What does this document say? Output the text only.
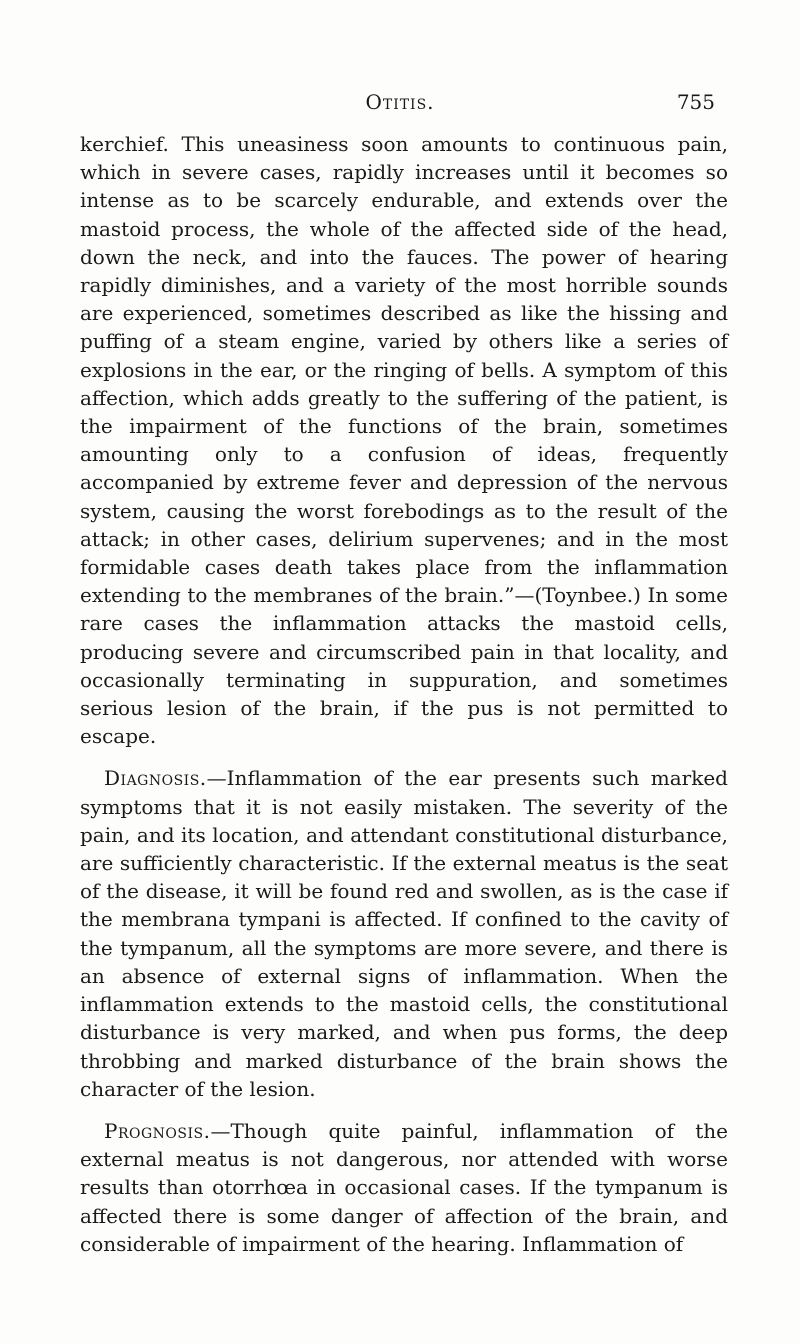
Otitis.	755

kerchief. This uneasiness soon amounts to continuous pain, which in severe cases, rapidly increases until it becomes so intense as to be scarcely endurable, and extends over the mastoid process, the whole of the affected side of the head, down the neck, and into the fauces. The power of hearing rapidly diminishes, and a variety of the most horrible sounds are experienced, sometimes described as like the hissing and puffing of a steam engine, varied by others like a series of explosions in the ear, or the ringing of bells. A symptom of this affection, which adds greatly to the suffering of the patient, is the impairment of the functions of the brain, sometimes amounting only to a confusion of ideas, frequently accompanied by extreme fever and depression of the nervous system, causing the worst forebodings as to the result of the attack; in other cases, delirium supervenes; and in the most formidable cases death takes place from the inflammation extending to the membranes of the brain.”—(Toynbee.) In some rare cases the inflammation attacks the mastoid cells, producing severe and circumscribed pain in that locality, and occasionally terminating in suppuration, and sometimes serious lesion of the brain, if the pus is not permitted to escape.

Diagnosis.—Inflammation of the ear presents such marked symptoms that it is not easily mistaken. The severity of the pain, and its location, and attendant constitutional disturbance, are sufficiently characteristic. If the external meatus is the seat of the disease, it will be found red and swollen, as is the case if the membrana tympani is affected. If confined to the cavity of the tympanum, all the symptoms are more severe, and there is an absence of external signs of inflammation. When the inflammation extends to the mastoid cells, the constitutional disturbance is very marked, and when pus forms, the deep throbbing and marked disturbance of the brain shows the character of the lesion.

Prognosis.—Though quite painful, inflammation of the external meatus is not dangerous, nor attended with worse results than otorrhœa in occasional cases. If the tympanum is affected there is some danger of affection of the brain, and considerable of impairment of the hearing. Inflammation of
